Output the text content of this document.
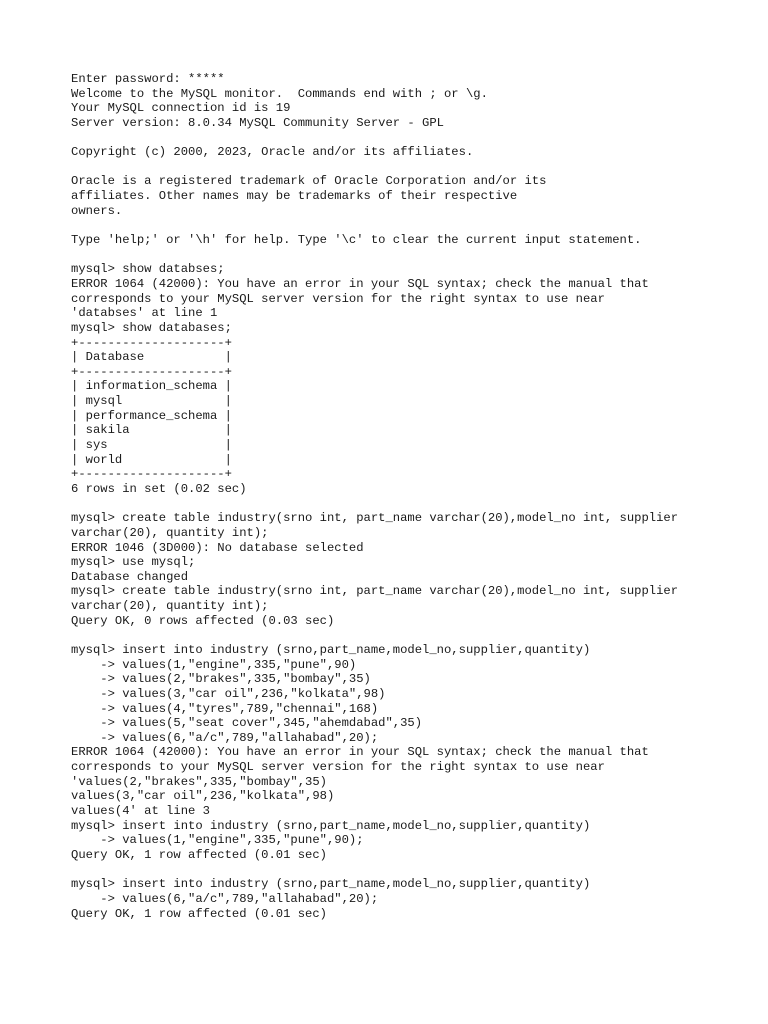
Enter password: *****
Welcome to the MySQL monitor.  Commands end with ; or \g.
Your MySQL connection id is 19
Server version: 8.0.34 MySQL Community Server - GPL
Copyright (c) 2000, 2023, Oracle and/or its affiliates.
Oracle is a registered trademark of Oracle Corporation and/or its
affiliates. Other names may be trademarks of their respective
owners.
Type 'help;' or '\h' for help. Type '\c' to clear the current input statement.
mysql> show databses;
ERROR 1064 (42000): You have an error in your SQL syntax; check the manual that
corresponds to your MySQL server version for the right syntax to use near
'databses' at line 1
mysql> show databases;
+--------------------+
| Database           |
+--------------------+
| information_schema |
| mysql              |
| performance_schema |
| sakila             |
| sys                |
| world              |
+--------------------+
6 rows in set (0.02 sec)
mysql> create table industry(srno int, part_name varchar(20),model_no int, supplier
varchar(20), quantity int);
ERROR 1046 (3D000): No database selected
mysql> use mysql;
Database changed
mysql> create table industry(srno int, part_name varchar(20),model_no int, supplier
varchar(20), quantity int);
Query OK, 0 rows affected (0.03 sec)
mysql> insert into industry (srno,part_name,model_no,supplier,quantity)
-> values(1,"engine",335,"pune",90)
-> values(2,"brakes",335,"bombay",35)
-> values(3,"car oil",236,"kolkata",98)
-> values(4,"tyres",789,"chennai",168)
-> values(5,"seat cover",345,"ahemdabad",35)
-> values(6,"a/c",789,"allahabad",20);
ERROR 1064 (42000): You have an error in your SQL syntax; check the manual that
corresponds to your MySQL server version for the right syntax to use near
'values(2,"brakes",335,"bombay",35)
values(3,"car oil",236,"kolkata",98)
values(4' at line 3
mysql> insert into industry (srno,part_name,model_no,supplier,quantity)
-> values(1,"engine",335,"pune",90);
Query OK, 1 row affected (0.01 sec)
mysql> insert into industry (srno,part_name,model_no,supplier,quantity)
-> values(6,"a/c",789,"allahabad",20);
Query OK, 1 row affected (0.01 sec)
